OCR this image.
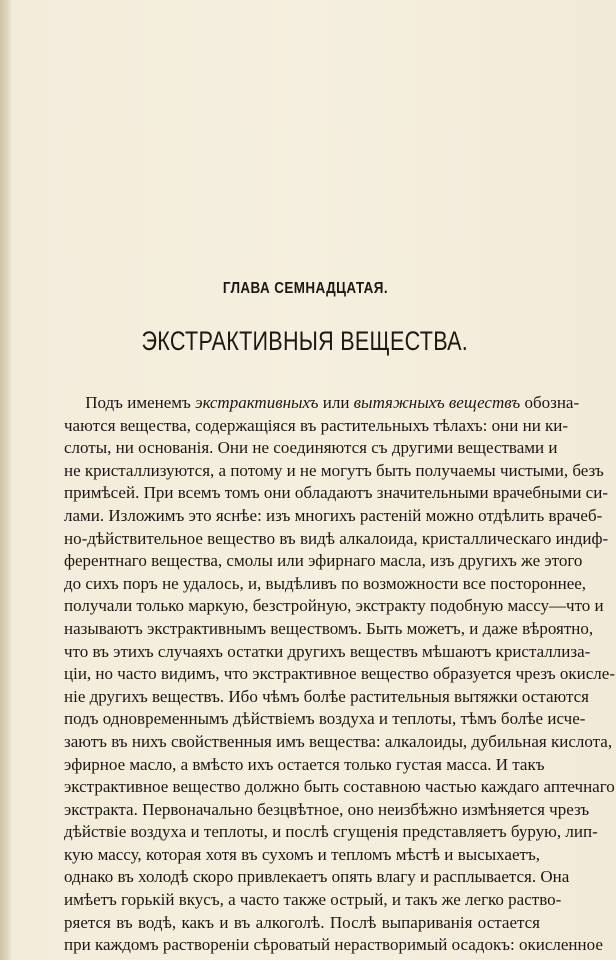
ГЛАВА СЕМНАДЦАТАЯ.
ЭКСТРАКТИВНЫЯ ВЕЩЕСТВА.
Подъ именемъ экстрактивныхъ или вытяжныхъ веществъ обозна-
чаются вещества, содержащіяся въ растительныхъ тѣлахъ: они ни ки-
слоты, ни основанія. Они не соединяются съ другими веществами и
не кристаллизуются, а потому и не могутъ быть получаемы чистыми, безъ
примѣсей. При всемъ томъ они обладаютъ значительными врачебными си-
лами. Изложимъ это яснѣе: изъ многихъ растеній можно отдѣлить врачеб-
но-дѣйствительное вещество въ видѣ алкалоида, кристаллическаго индиф-
ферентнаго вещества, смолы или эфирнаго масла, изъ другихъ же этого
до сихъ поръ не удалось, и, выдѣливъ по возможности все постороннее,
получали только маркую, безстройную, экстракту подобную массу—что и
называютъ экстрактивнымъ веществомъ. Быть можетъ, и даже вѣроятно,
что въ этихъ случаяхъ остатки другихъ веществъ мѣшаютъ кристаллиза-
ціи, но часто видимъ, что экстрактивное вещество образуется чрезъ окисле-
ніе другихъ веществъ. Ибо чѣмъ болѣе растительныя вытяжки остаются
подъ одновременнымъ дѣйствіемъ воздуха и теплоты, тѣмъ болѣе исче-
заютъ въ нихъ свойственныя имъ вещества: алкалоиды, дубильная кислота,
эфирное масло, а вмѣсто ихъ остается только густая масса. И такъ
экстрактивное вещество должно быть составною частью каждаго аптечнаго
экстракта. Первоначально безцвѣтное, оно неизбѣжно измѣняется чрезъ
дѣйствіе воздуха и теплоты, и послѣ сгущенія представляетъ бурую, лип-
кую массу, которая хотя въ сухомъ и тепломъ мѣстѣ и высыхаетъ,
однако въ холодѣ скоро привлекаетъ опять влагу и расплывается. Она
имѣетъ горькій вкусъ, а часто также острый, и такъ же легко раство-
ряется въ водѣ, какъ и въ алкоголѣ. Послѣ выпариванія остается
при каждомъ раствореніи сѣроватый нерастворимый осадокъ: окисленное
